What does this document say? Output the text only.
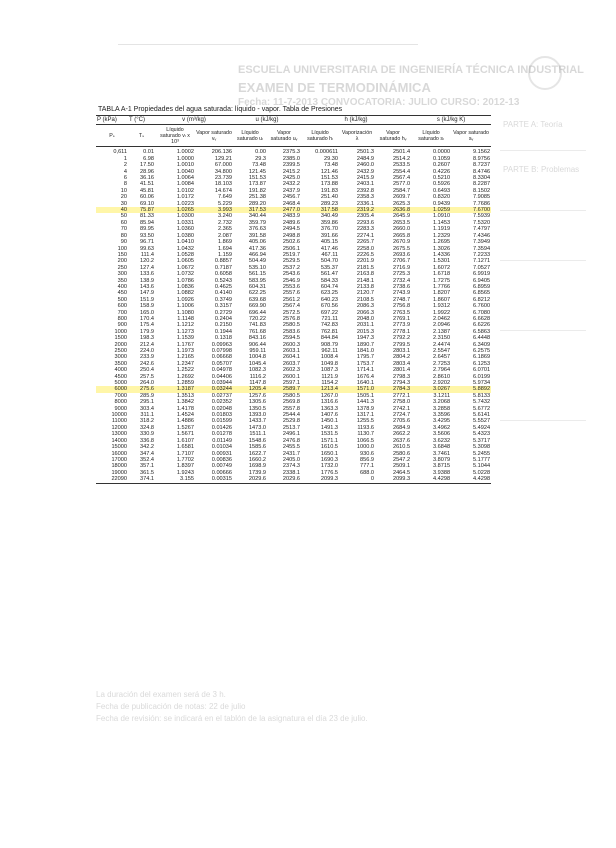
ESCUELA UNIVERSITARIA DE INGENIERÍA TÉCNICA INDUSTRIAL
EXAMEN DE TERMODINÁMICA
Fecha: 11-7-2013 CONVOCATORIA: JULIO CURSO: 2012-13
PARTE A: Teoría
PARTE B: Problemas
La duración del examen será de 3 h.
Fecha de publicación de notas: 22 de julio
Fecha de revisión: se indicará en el tablón de la asignatura el día 23 de julio.
TABLA A-1 Propiedades del agua saturada: líquido - vapor. Tabla de Presiones
P (kPa)	T (°C)	v (m³/kg)		u (kJ/kg)		h (kJ/kg)			s (kJ/kg K)	
Pₛ	Tₛ	Líquido saturado vₗ x 10³	Vapor saturado vᵥ	Líquido saturado uₗ	Vapor saturado uᵥ	Líquido saturado hₗ	Vaporización λ	Vapor saturado hᵥ	Líquido saturado sₗ	Vapor saturado sᵥ
0,611	0.01	1.0002	206.136	0.00	2375.3	0.000611	2501.3	2501.4	0.0000	9.1562
1	6.98	1.0000	129.21	29.3	2385.0	29.30	2484.9	2514.2	0.1059	8.9756
2	17.50	1.0010	67.000	73.48	2399.5	73.48	2460.0	2533.5	0.2607	8.7237
4	28.96	1.0040	34.800	121.45	2415.2	121.46	2432.9	2554.4	0.4226	8.4746
6	36.16	1.0064	23.739	151.53	2425.0	151.53	2415.9	2567.4	0.5210	8.3304
8	41.51	1.0084	18.103	173.87	2432.2	173.88	2403.1	2577.0	0.5926	8.2287
10	45.81	1.0102	14.674	191.82	2437.9	191.83	2392.8	2584.7	0.6493	8.1502
20	60.06	1.0172	7.649	251.38	2456.7	251.40	2358.3	2609.7	0.8320	7.9085
30	69.10	1.0223	5.229	289.20	2468.4	289.23	2336.1	2625.3	0.9439	7.7686
40	75.87	1.0265	3.993	317.53	2477.0	317.58	2319.2	2636.8	1.0259	7.6700
50	81.33	1.0300	3.240	340.44	2483.9	340.49	2305.4	2645.9	1.0910	7.5939
60	85.94	1.0331	2.732	359.79	2489.6	359.86	2293.6	2653.5	1.1453	7.5320
70	89.95	1.0360	2.365	376.63	2494.5	376.70	2283.3	2660.0	1.1919	7.4797
80	93.50	1.0380	2.087	391.58	2498.8	391.66	2274.1	2665.8	1.2329	7.4346
90	96.71	1.0410	1.869	405.06	2502.6	405.15	2265.7	2670.9	1.2695	7.3949
100	99.63	1.0432	1.694	417.36	2506.1	417.46	2258.0	2675.5	1.3026	7.3594
150	111.4	1.0528	1.159	466.94	2519.7	467.11	2226.5	2693.6	1.4336	7.2233
200	120.2	1.0605	0.8857	504.49	2529.5	504.70	2201.9	2706.7	1.5301	7.1271
250	127.4	1.0672	0.7187	535.10	2537.2	535.37	2181.5	2716.9	1.6072	7.0527
300	133.6	1.0732	0.6058	561.15	2543.6	561.47	2163.8	2725.3	1.6718	6.9919
350	138.9	1.0786	0.5243	583.95	2546.9	584.33	2148.1	2732.4	1.7275	6.9405
400	143.6	1.0836	0.4625	604.31	2553.6	604.74	2133.8	2738.6	1.7766	6.8959
450	147.9	1.0882	0.4140	622.25	2557.6	623.25	2120.7	2743.9	1.8207	6.8565
500	151.9	1.0926	0.3749	639.68	2561.2	640.23	2108.5	2748.7	1.8607	6.8212
600	158.9	1.1006	0.3157	669.90	2567.4	670.56	2086.3	2756.8	1.9312	6.7600
700	165.0	1.1080	0.2729	696.44	2572.5	697.22	2066.3	2763.5	1.9922	6.7080
800	170.4	1.1148	0.2404	720.22	2576.8	721.11	2048.0	2769.1	2.0462	6.6628
900	175.4	1.1212	0.2150	741.83	2580.5	742.83	2031.1	2773.9	2.0946	6.6226
1000	179.9	1.1273	0.1944	761.68	2583.6	762.81	2015.3	2778.1	2.1387	6.5863
1500	198.3	1.1539	0.1318	843.16	2594.5	844.84	1947.3	2792.2	2.3150	6.4448
2000	212.4	1.1767	0.09963	906.44	2600.3	908.79	1890.7	2799.5	2.4474	6.3409
2500	224.0	1.1973	0.07998	959.11	2603.1	962.11	1841.0	2803.1	2.5547	6.2575
3000	233.9	1.2165	0.06668	1004.8	2604.1	1008.4	1795.7	2804.2	2.6457	6.1869
3500	242.6	1.2347	0.05707	1045.4	2603.7	1049.8	1753.7	2803.4	2.7253	6.1253
4000	250.4	1.2522	0.04978	1082.3	2602.3	1087.3	1714.1	2801.4	2.7964	6.0701
4500	257.5	1.2692	0.04406	1116.2	2600.1	1121.9	1676.4	2798.3	2.8610	6.0199
5000	264.0	1.2859	0.03944	1147.8	2597.1	1154.2	1640.1	2794.3	2.9202	5.9734
6000	275.6	1.3187	0.03244	1205.4	2589.7	1213.4	1571.0	2784.3	3.0267	5.8892
7000	285.9	1.3513	0.02737	1257.6	2580.5	1267.0	1505.1	2772.1	3.1211	5.8133
8000	295.1	1.3842	0.02352	1305.6	2569.8	1316.6	1441.3	2758.0	3.2068	5.7432
9000	303.4	1.4178	0.02048	1350.5	2557.8	1363.3	1378.9	2742.1	3.2858	5.6772
10000	311.1	1.4524	0.01803	1393.0	2544.4	1407.6	1317.1	2724.7	3.3596	5.6141
11000	318.2	1.4886	0.01599	1433.7	2529.8	1450.1	1255.5	2705.6	3.4295	5.5527
12000	324.8	1.5267	0.01426	1473.0	2513.7	1491.3	1193.6	2684.9	3.4962	5.4924
13000	330.9	1.5671	0.01278	1511.1	2496.1	1531.5	1130.7	2662.2	3.5606	5.4323
14000	336.8	1.6107	0.01149	1548.6	2476.8	1571.1	1066.5	2637.6	3.6232	5.3717
15000	342.2	1.6581	0.01034	1585.6	2455.5	1610.5	1000.0	2610.5	3.6848	5.3098
16000	347.4	1.7107	0.00931	1622.7	2431.7	1650.1	930.6	2580.6	3.7461	5.2455
17000	352.4	1.7702	0.00836	1660.2	2405.0	1690.3	856.9	2547.2	3.8079	5.1777
18000	357.1	1.8397	0.00749	1698.9	2374.3	1732.0	777.1	2509.1	3.8715	5.1044
19000	361.5	1.9243	0.00666	1739.9	2338.1	1776.5	688.0	2464.5	3.9388	5.0228
22090	374.1	3.155	0.00315	2029.6	2029.6	2099.3	0	2099.3	4.4298	4.4298
